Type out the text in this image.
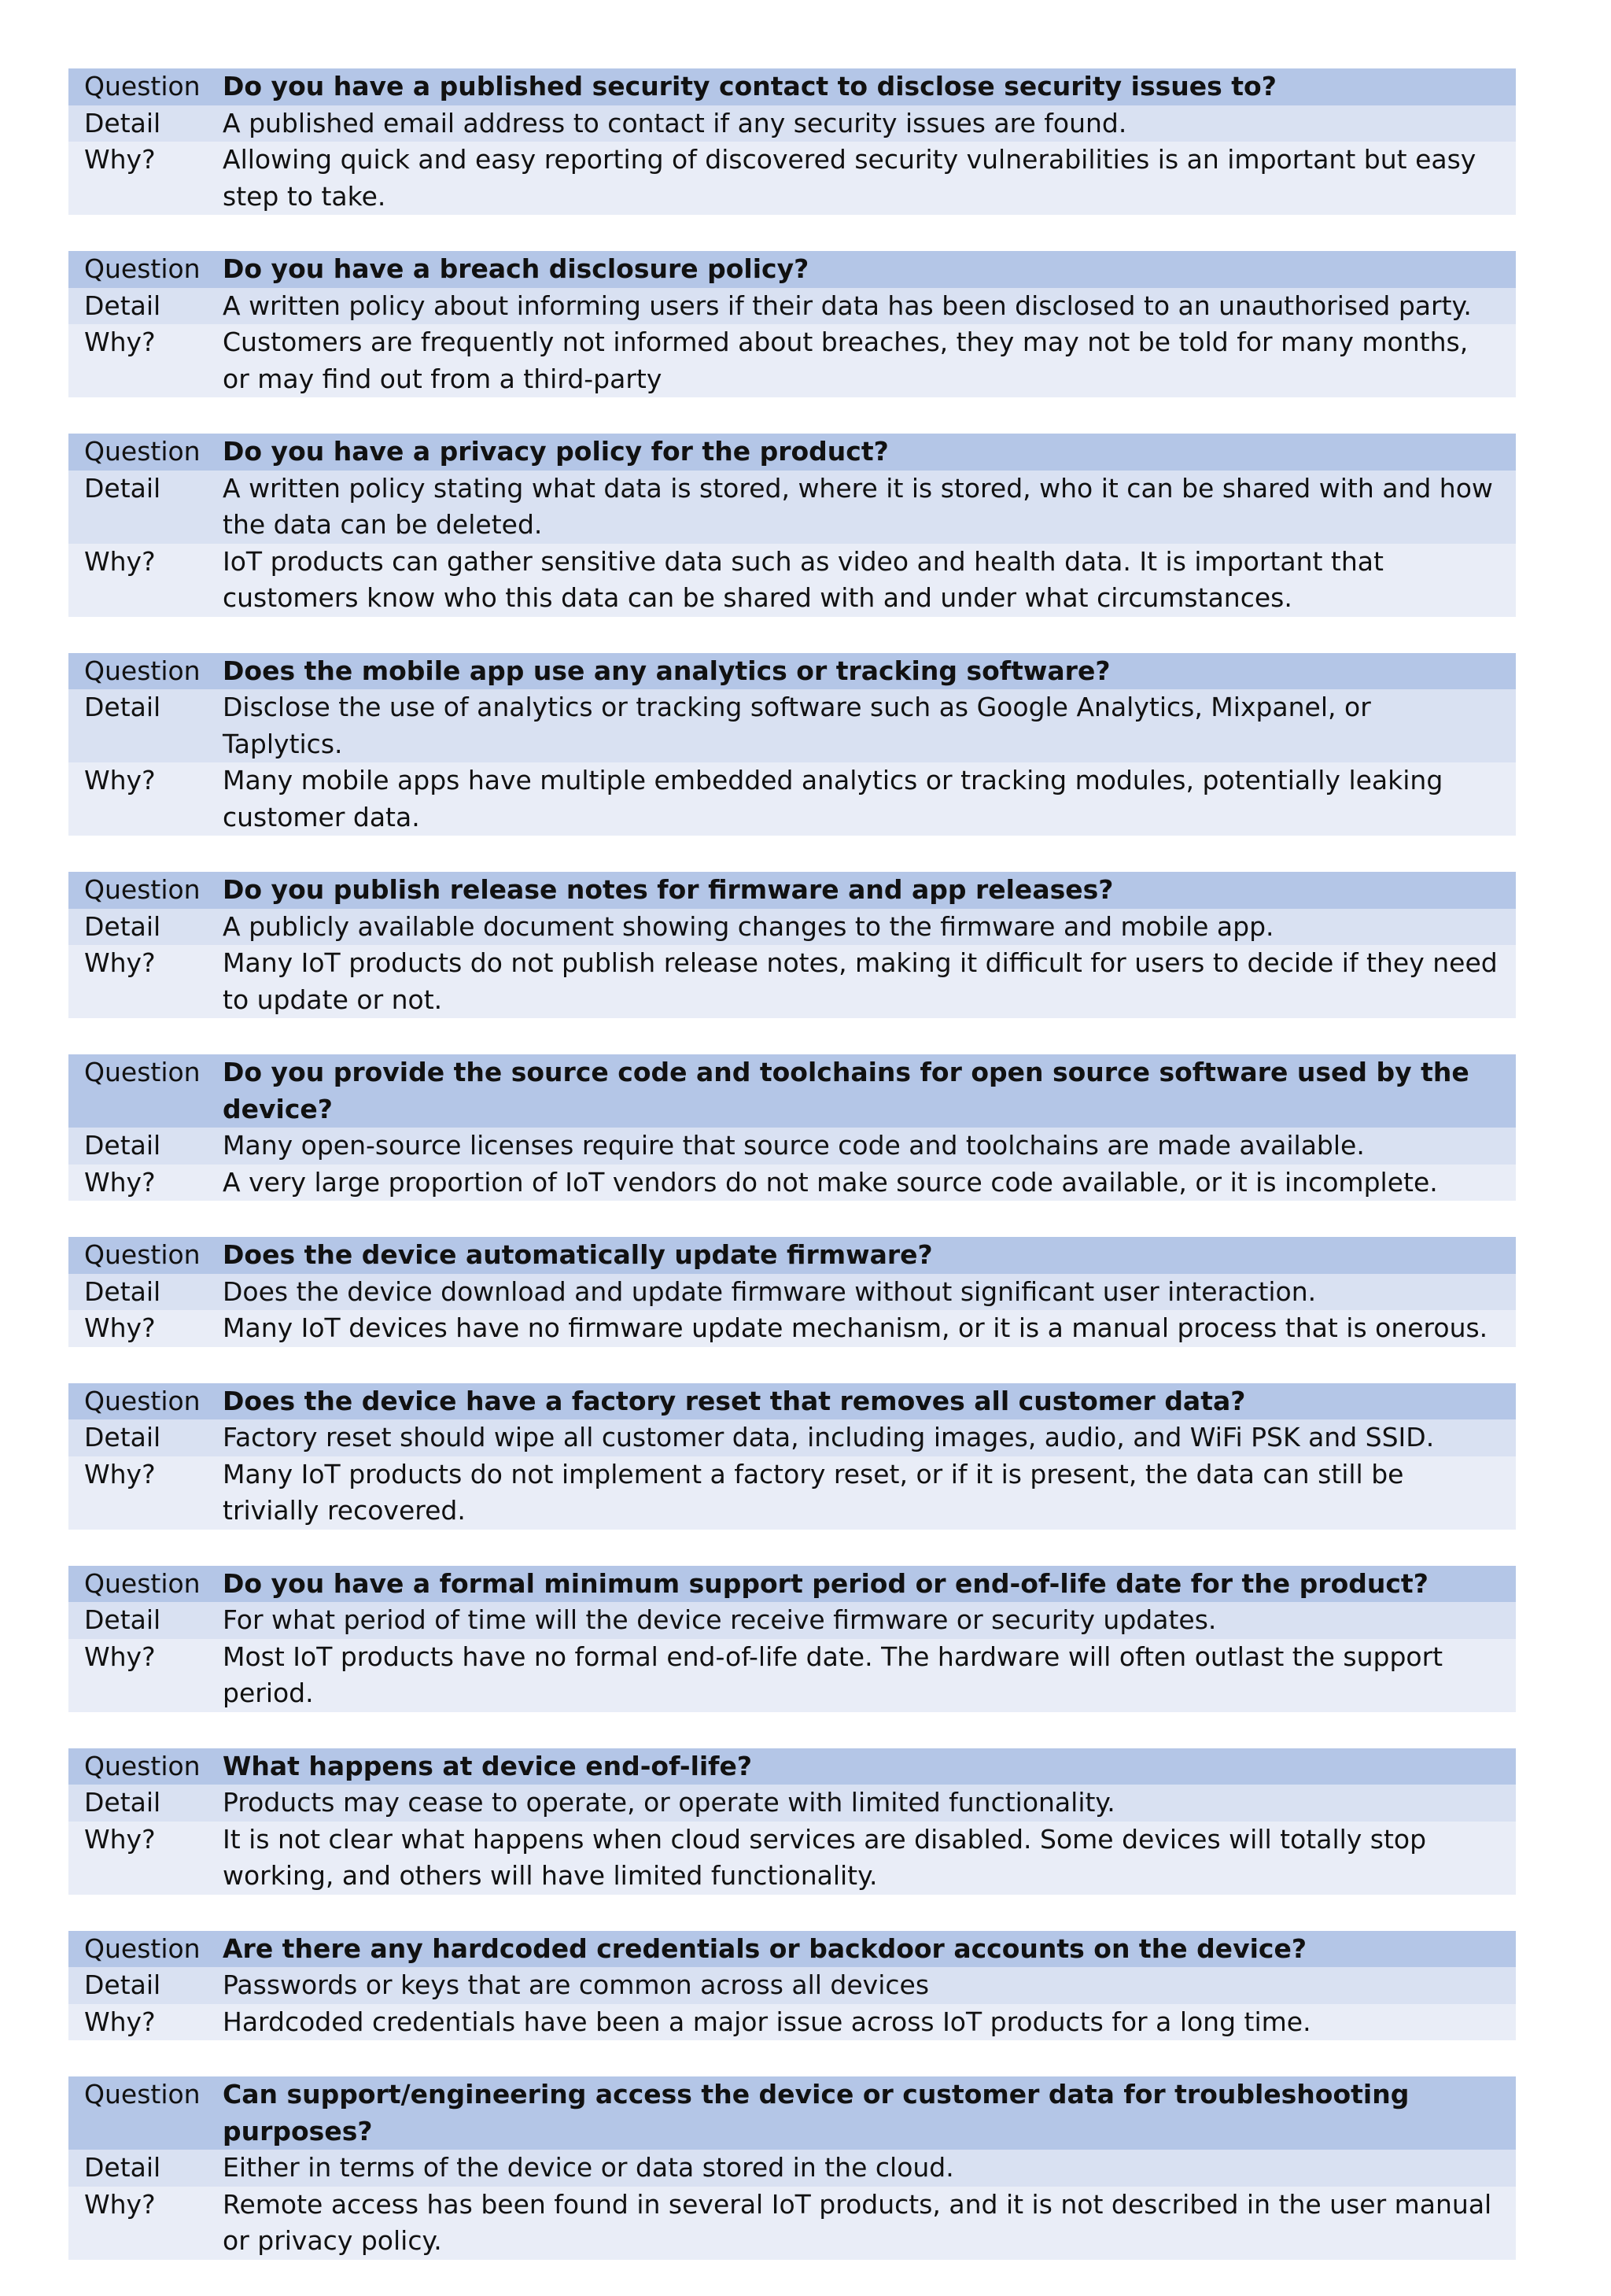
Question Do you have a published security contact to disclose security issues to?
Detail	A published email address to contact if any security issues are found.
Why?	Allowing quick and easy reporting of discovered security vulnerabilities is an important but easy step to take.
Question Do you have a breach disclosure policy?
Detail	A written policy about informing users if their data has been disclosed to an unauthorised party.
Why?	Customers are frequently not informed about breaches, they may not be told for many months, or may find out from a third-party
Question Do you have a privacy policy for the product?
Detail	A written policy stating what data is stored, where it is stored, who it can be shared with and how the data can be deleted.
Why?	IoT products can gather sensitive data such as video and health data. It is important that customers know who this data can be shared with and under what circumstances.
Question Does the mobile app use any analytics or tracking software?
Detail	Disclose the use of analytics or tracking software such as Google Analytics, Mixpanel, or Taplytics.
Why?	Many mobile apps have multiple embedded analytics or tracking modules, potentially leaking customer data.
Question Do you publish release notes for firmware and app releases?
Detail	A publicly available document showing changes to the firmware and mobile app.
Why?	Many IoT products do not publish release notes, making it difficult for users to decide if they need to update or not.
Question Do you provide the source code and toolchains for open source software used by the device?
Detail	Many open-source licenses require that source code and toolchains are made available.
Why?	A very large proportion of IoT vendors do not make source code available, or it is incomplete.
Question Does the device automatically update firmware?
Detail	Does the device download and update firmware without significant user interaction.
Why?	Many IoT devices have no firmware update mechanism, or it is a manual process that is onerous.
Question Does the device have a factory reset that removes all customer data?
Detail	Factory reset should wipe all customer data, including images, audio, and WiFi PSK and SSID.
Why?	Many IoT products do not implement a factory reset, or if it is present, the data can still be trivially recovered.
Question Do you have a formal minimum support period or end-of-life date for the product?
Detail	For what period of time will the device receive firmware or security updates.
Why?	Most IoT products have no formal end-of-life date. The hardware will often outlast the support period.
Question What happens at device end-of-life?
Detail	Products may cease to operate, or operate with limited functionality.
Why?	It is not clear what happens when cloud services are disabled. Some devices will totally stop working, and others will have limited functionality.
Question Are there any hardcoded credentials or backdoor accounts on the device?
Detail	Passwords or keys that are common across all devices
Why?	Hardcoded credentials have been a major issue across IoT products for a long time.
Question Can support/engineering access the device or customer data for troubleshooting purposes?
Detail	Either in terms of the device or data stored in the cloud.
Why?	Remote access has been found in several IoT products, and it is not described in the user manual or privacy policy.
